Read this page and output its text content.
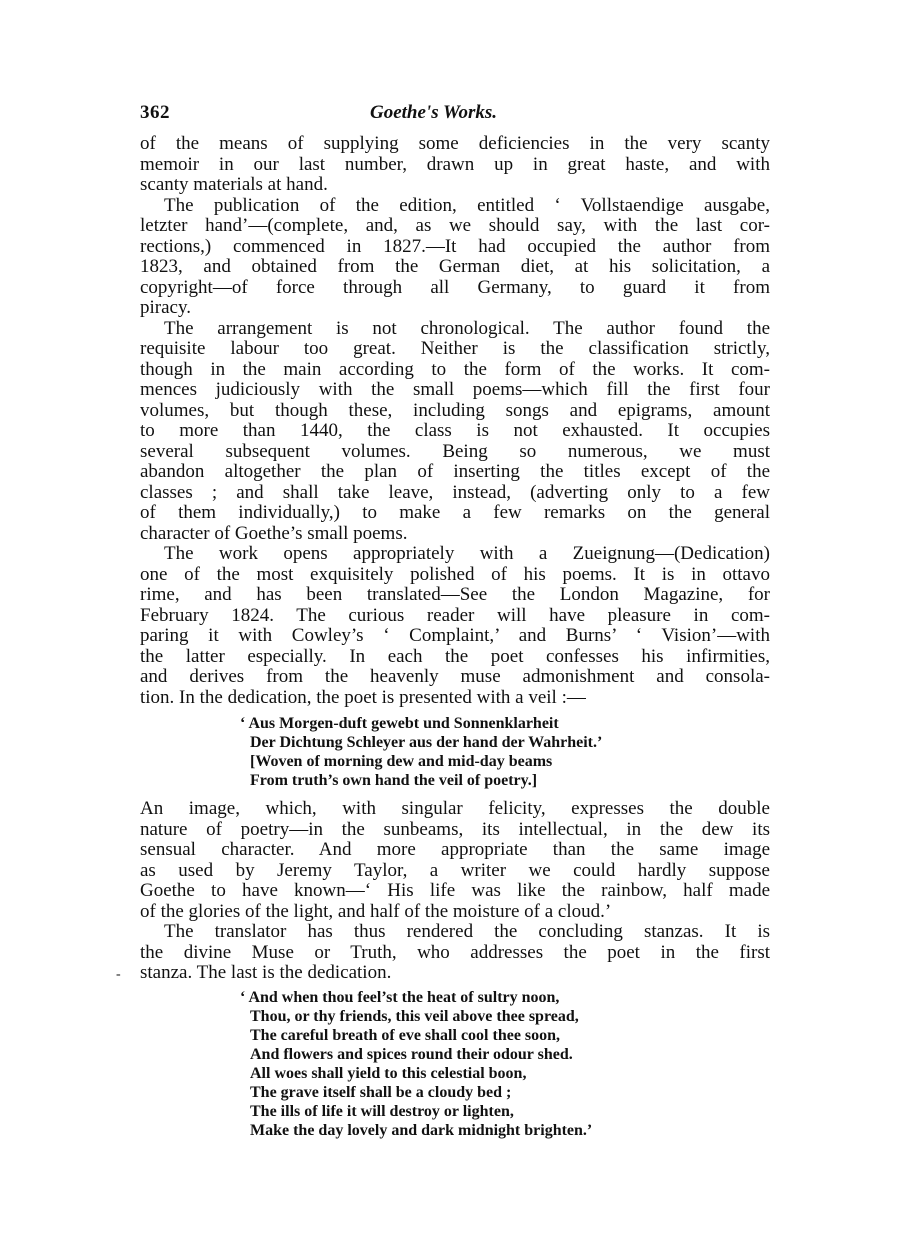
362	Goethe's Works.
of the means of supplying some deficiencies in the very scanty
memoir in our last number, drawn up in great haste, and with
scanty materials at hand.
The publication of the edition, entitled ‘ Vollstaendige ausgabe,
letzter hand’—(complete, and, as we should say, with the last cor-
rections,) commenced in 1827.—It had occupied the author from
1823, and obtained from the German diet, at his solicitation, a
copyright—of force through all Germany, to guard it from
piracy.
The arrangement is not chronological. The author found the
requisite labour too great. Neither is the classification strictly,
though in the main according to the form of the works. It com-
mences judiciously with the small poems—which fill the first four
volumes, but though these, including songs and epigrams, amount
to more than 1440, the class is not exhausted. It occupies
several subsequent volumes. Being so numerous, we must
abandon altogether the plan of inserting the titles except of the
classes ; and shall take leave, instead, (adverting only to a few
of them individually,) to make a few remarks on the general
character of Goethe’s small poems.
The work opens appropriately with a Zueignung—(Dedication)
one of the most exquisitely polished of his poems. It is in ottavo
rime, and has been translated—See the London Magazine, for
February 1824. The curious reader will have pleasure in com-
paring it with Cowley’s ‘ Complaint,’ and Burns’ ‘ Vision’—with
the latter especially. In each the poet confesses his infirmities,
and derives from the heavenly muse admonishment and consola-
tion. In the dedication, the poet is presented with a veil :—
‘ Aus Morgen-duft gewebt und Sonnenklarheit
Der Dichtung Schleyer aus der hand der Wahrheit.’
[Woven of morning dew and mid-day beams
From truth’s own hand the veil of poetry.]
An image, which, with singular felicity, expresses the double
nature of poetry—in the sunbeams, its intellectual, in the dew its
sensual character. And more appropriate than the same image
as used by Jeremy Taylor, a writer we could hardly suppose
Goethe to have known—‘ His life was like the rainbow, half made
of the glories of the light, and half of the moisture of a cloud.’
The translator has thus rendered the concluding stanzas. It is
the divine Muse or Truth, who addresses the poet in the first
stanza. The last is the dedication.
-
‘ And when thou feel’st the heat of sultry noon,
Thou, or thy friends, this veil above thee spread,
The careful breath of eve shall cool thee soon,
And flowers and spices round their odour shed.
All woes shall yield to this celestial boon,
The grave itself shall be a cloudy bed ;
The ills of life it will destroy or lighten,
Make the day lovely and dark midnight brighten.’
